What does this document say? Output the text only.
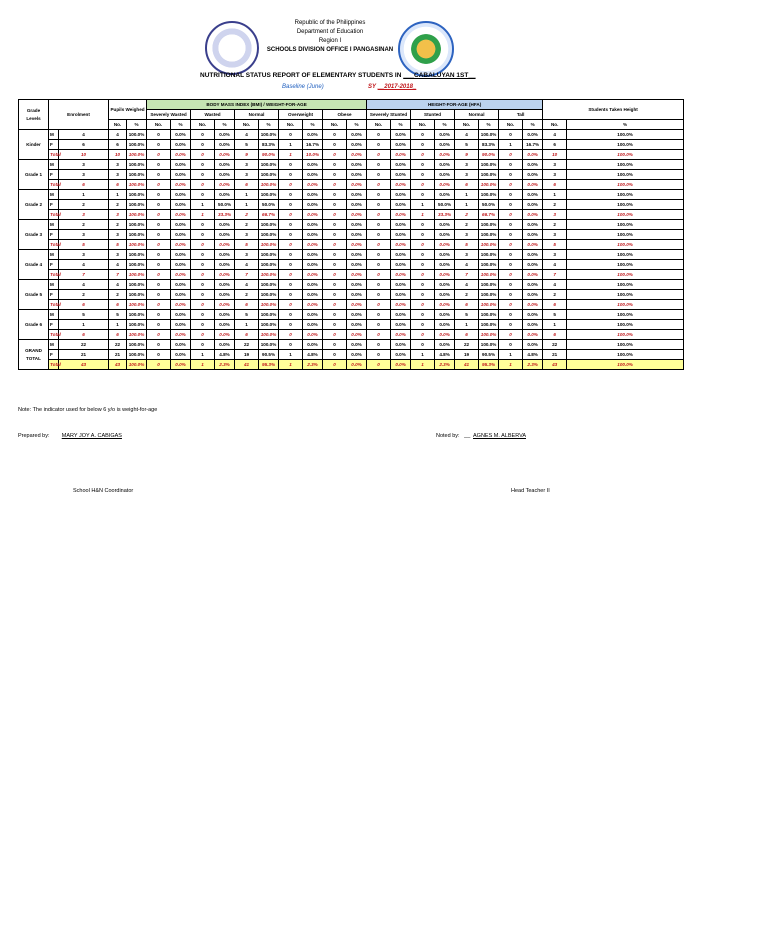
Republic of the Philippines
Department of Education
Region I
SCHOOLS DIVISION OFFICE I PANGASINAN
NUTRITIONAL STATUS REPORT OF ELEMENTARY STUDENTS IN ___CABALUYAN 1ST__
Baseline (June)	SY __2017-2018_
Grade Levels	Enrolment		Pupils Weighed		BODY MASS INDEX (BMI) / WEIGHT-FOR-AGE										HEIGHT-FOR-AGE (HFA)								Students Taken Height	
					Severely Wasted		Wasted		Normal		Overweight		Obese		Severely Stunted		Stunted		Normal		Tall			
			No.	%	No.	%	No.	%	No.	%	No.	%	No.	%	No.	%	No.	%	No.	%	No.	%	No.	%
Kinder	M	4	4	100.0%	0	0.0%	0	0.0%	4	100.0%	0	0.0%	0	0.0%	0	0.0%	0	0.0%	4	100.0%	0	0.0%	4	100.0%
	F	6	6	100.0%	0	0.0%	0	0.0%	5	83.3%	1	16.7%	0	0.0%	0	0.0%	0	0.0%	5	83.3%	1	16.7%	6	100.0%
	Total	10	10	100.0%	0	0.0%	0	0.0%	9	90.0%	1	10.0%	0	0.0%	0	0.0%	0	0.0%	9	90.0%	0	0.0%	10	100.0%
Grade 1	M	3	3	100.0%	0	0.0%	0	0.0%	3	100.0%	0	0.0%	0	0.0%	0	0.0%	0	0.0%	3	100.0%	0	0.0%	3	100.0%
	F	3	3	100.0%	0	0.0%	0	0.0%	3	100.0%	0	0.0%	0	0.0%	0	0.0%	0	0.0%	3	100.0%	0	0.0%	3	100.0%
	Total	6	6	100.0%	0	0.0%	0	0.0%	6	100.0%	0	0.0%	0	0.0%	0	0.0%	0	0.0%	6	100.0%	0	0.0%	6	100.0%
Grade 2	M	1	1	100.0%	0	0.0%	0	0.0%	1	100.0%	0	0.0%	0	0.0%	0	0.0%	0	0.0%	1	100.0%	0	0.0%	1	100.0%
	F	2	2	100.0%	0	0.0%	1	50.0%	1	50.0%	0	0.0%	0	0.0%	0	0.0%	1	50.0%	1	50.0%	0	0.0%	2	100.0%
	Total	3	3	100.0%	0	0.0%	1	33.3%	2	66.7%	0	0.0%	0	0.0%	0	0.0%	1	33.3%	2	66.7%	0	0.0%	3	100.0%
Grade 3	M	2	2	100.0%	0	0.0%	0	0.0%	2	100.0%	0	0.0%	0	0.0%	0	0.0%	0	0.0%	2	100.0%	0	0.0%	2	100.0%
	F	3	3	100.0%	0	0.0%	0	0.0%	3	100.0%	0	0.0%	0	0.0%	0	0.0%	0	0.0%	3	100.0%	0	0.0%	3	100.0%
	Total	5	5	100.0%	0	0.0%	0	0.0%	5	100.0%	0	0.0%	0	0.0%	0	0.0%	0	0.0%	5	100.0%	0	0.0%	5	100.0%
Grade 4	M	3	3	100.0%	0	0.0%	0	0.0%	3	100.0%	0	0.0%	0	0.0%	0	0.0%	0	0.0%	3	100.0%	0	0.0%	3	100.0%
	F	4	4	100.0%	0	0.0%	0	0.0%	4	100.0%	0	0.0%	0	0.0%	0	0.0%	0	0.0%	4	100.0%	0	0.0%	4	100.0%
	Total	7	7	100.0%	0	0.0%	0	0.0%	7	100.0%	0	0.0%	0	0.0%	0	0.0%	0	0.0%	7	100.0%	0	0.0%	7	100.0%
Grade 5	M	4	4	100.0%	0	0.0%	0	0.0%	4	100.0%	0	0.0%	0	0.0%	0	0.0%	0	0.0%	4	100.0%	0	0.0%	4	100.0%
	F	2	2	100.0%	0	0.0%	0	0.0%	2	100.0%	0	0.0%	0	0.0%	0	0.0%	0	0.0%	2	100.0%	0	0.0%	2	100.0%
	Total	6	6	100.0%	0	0.0%	0	0.0%	6	100.0%	0	0.0%	0	0.0%	0	0.0%	0	0.0%	6	100.0%	0	0.0%	6	100.0%
Grade 6	M	5	5	100.0%	0	0.0%	0	0.0%	5	100.0%	0	0.0%	0	0.0%	0	0.0%	0	0.0%	5	100.0%	0	0.0%	5	100.0%
	F	1	1	100.0%	0	0.0%	0	0.0%	1	100.0%	0	0.0%	0	0.0%	0	0.0%	0	0.0%	1	100.0%	0	0.0%	1	100.0%
	Total	6	6	100.0%	0	0.0%	0	0.0%	6	100.0%	0	0.0%	0	0.0%	0	0.0%	0	0.0%	6	100.0%	0	0.0%	6	100.0%
GRAND TOTAL	M	22	22	100.0%	0	0.0%	0	0.0%	22	100.0%	0	0.0%	0	0.0%	0	0.0%	0	0.0%	22	100.0%	0	0.0%	22	100.0%
	F	21	21	100.0%	0	0.0%	1	4.8%	19	90.5%	1	4.8%	0	0.0%	0	0.0%	1	4.8%	19	90.5%	1	4.8%	21	100.0%
	Total	43	43	100.0%	0	0.0%	1	2.3%	41	95.3%	1	2.3%	0	0.0%	0	0.0%	1	2.3%	41	95.3%	1	2.3%	43	100.0%
Note: The indicator used for below 6 y/o is weight-for-age
Prepared by: MARY JOY A. CABIGAS
School H&N Coordinator
Noted by:   __  AGNES M. ALBERVA
Head Teacher II
